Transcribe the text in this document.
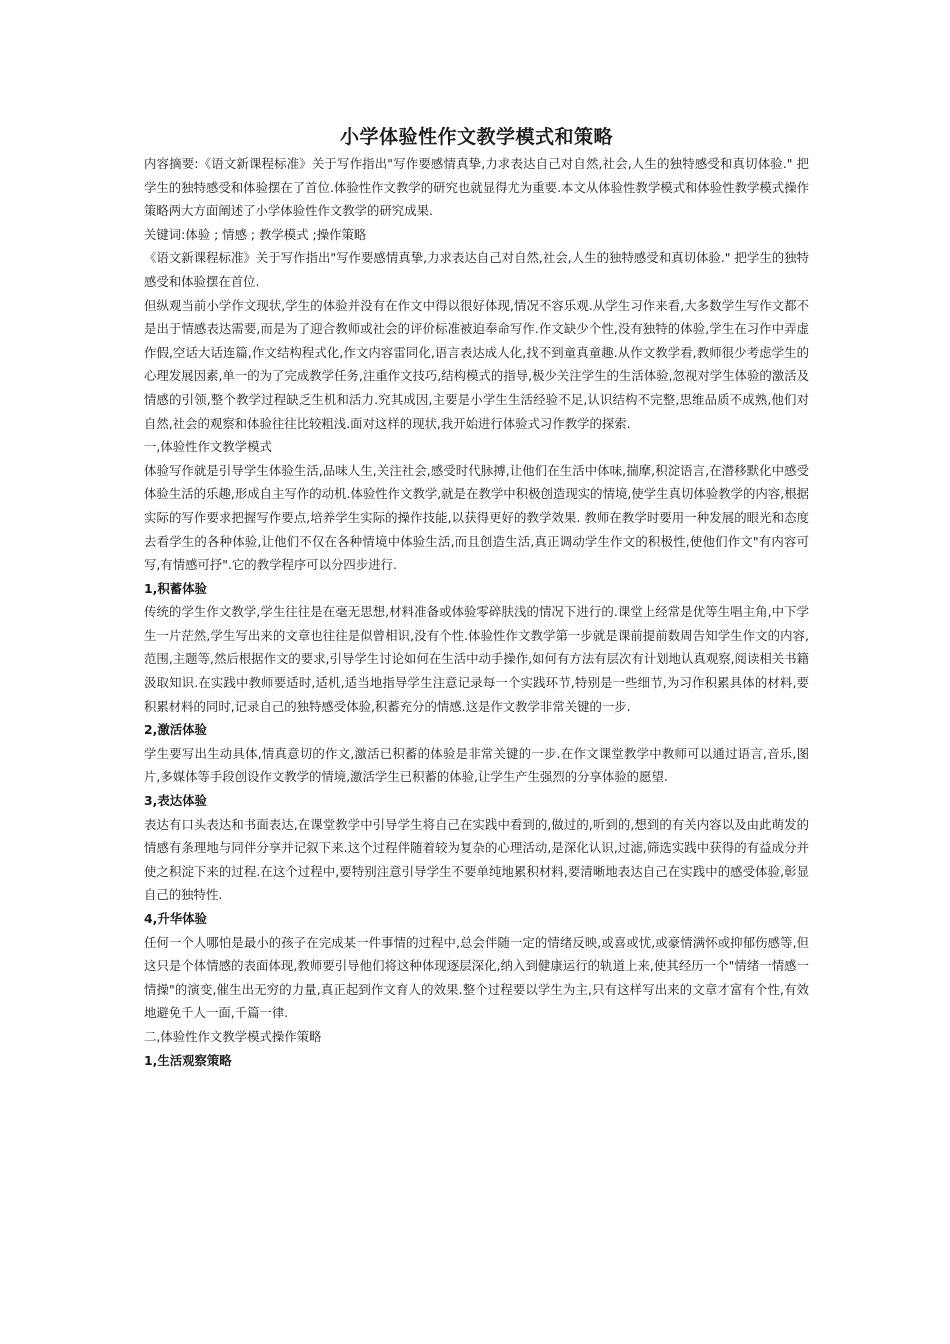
小学体验性作文教学模式和策略

内容摘要:《语文新课程标准》关于写作指出"写作要感情真挚,力求表达自己对自然,社会,人生的独特感受和真切体验." 把学生的独特感受和体验摆在了首位.体验性作文教学的研究也就显得尤为重要.本文从体验性教学模式和体验性教学模式操作策略两大方面阐述了小学体验性作文教学的研究成果.

关键词:体验 ; 情感 ; 教学模式 ;操作策略

《语文新课程标准》关于写作指出"写作要感情真挚,力求表达自己对自然,社会,人生的独特感受和真切体验." 把学生的独特感受和体验摆在首位.

但纵观当前小学作文现状,学生的体验并没有在作文中得以很好体现,情况不容乐观.从学生习作来看,大多数学生写作文都不是出于情感表达需要,而是为了迎合教师或社会的评价标准被迫奉命写作.作文缺少个性,没有独特的体验,学生在习作中弄虚作假,空话大话连篇,作文结构程式化,作文内容雷同化,语言表达成人化,找不到童真童趣.从作文教学看,教师很少考虑学生的心理发展因素,单一的为了完成教学任务,注重作文技巧,结构模式的指导,极少关注学生的生活体验,忽视对学生体验的激活及情感的引领,整个教学过程缺乏生机和活力.究其成因,主要是小学生生活经验不足,认识结构不完整,思维品质不成熟,他们对自然,社会的观察和体验往往比较粗浅.面对这样的现状,我开始进行体验式习作教学的探索.

一,体验性作文教学模式

体验写作就是引导学生体验生活,品味人生,关注社会,感受时代脉搏,让他们在生活中体味,揣摩,积淀语言,在潜移默化中感受体验生活的乐趣,形成自主写作的动机.体验性作文教学,就是在教学中积极创造现实的情境,使学生真切体验教学的内容,根据实际的写作要求把握写作要点,培养学生实际的操作技能,以获得更好的教学效果. 教师在教学时要用一种发展的眼光和态度去看学生的各种体验,让他们不仅在各种情境中体验生活,而且创造生活,真正调动学生作文的积极性,使他们作文"有内容可写,有情感可抒".它的教学程序可以分四步进行.

1,积蓄体验

传统的学生作文教学,学生往往是在毫无思想,材料准备或体验零碎肤浅的情况下进行的.课堂上经常是优等生唱主角,中下学生一片茫然,学生写出来的文章也往往是似曾相识,没有个性.体验性作文教学第一步就是课前提前数周告知学生作文的内容,范围,主题等,然后根据作文的要求,引导学生讨论如何在生活中动手操作,如何有方法有层次有计划地认真观察,阅读相关书籍汲取知识.在实践中教师要适时,适机,适当地指导学生注意记录每一个实践环节,特别是一些细节,为习作积累具体的材料,要积累材料的同时,记录自己的独特感受体验,积蓄充分的情感.这是作文教学非常关键的一步.

2,激活体验

学生要写出生动具体,情真意切的作文,激活已积蓄的体验是非常关键的一步.在作文课堂教学中教师可以通过语言,音乐,图片,多媒体等手段创设作文教学的情境,激活学生已积蓄的体验,让学生产生强烈的分享体验的愿望.

3,表达体验

表达有口头表达和书面表达,在课堂教学中引导学生将自己在实践中看到的,做过的,听到的,想到的有关内容以及由此萌发的情感有条理地与同伴分享并记叙下来.这个过程伴随着较为复杂的心理活动,是深化认识,过滤,筛选实践中获得的有益成分并使之积淀下来的过程.在这个过程中,要特别注意引导学生不要单纯地累积材料,要清晰地表达自己在实践中的感受体验,彰显自己的独特性.

4,升华体验

任何一个人哪怕是最小的孩子在完成某一件事情的过程中,总会伴随一定的情绪反映,或喜或忧,或豪情满怀或抑郁伤感等,但这只是个体情感的表面体现,教师要引导他们将这种体现逐层深化,纳入到健康运行的轨道上来,使其经历一个"情绪一情感一情操"的演变,催生出无穷的力量,真正起到作文育人的效果.整个过程要以学生为主,只有这样写出来的文章才富有个性,有效地避免千人一面,千篇一律.

二,体验性作文教学模式操作策略

1,生活观察策略
